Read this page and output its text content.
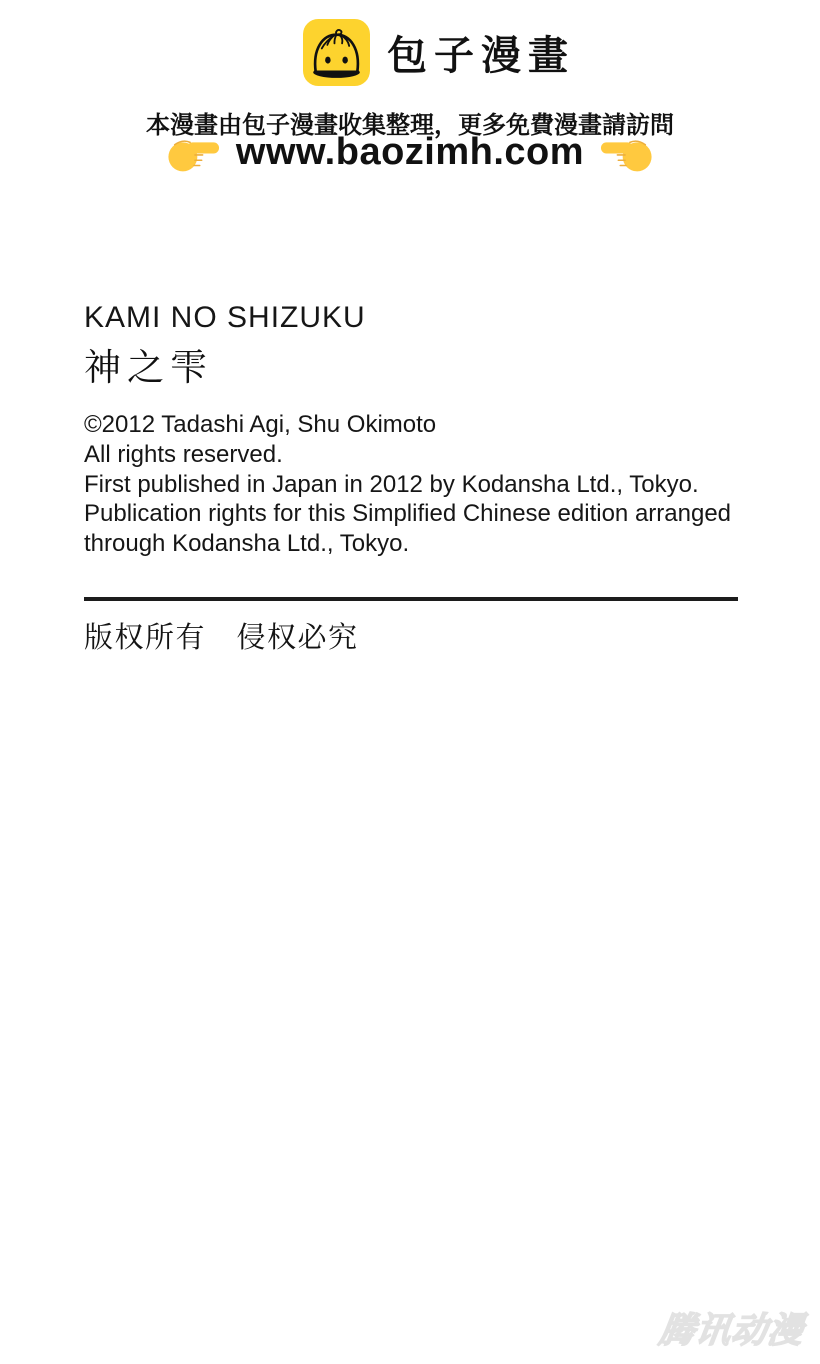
包子漫畫
本漫畫由包子漫畫收集整理，更多免費漫畫請訪問
www.baozimh.com
KAMI NO SHIZUKU
神之雫
©2012 Tadashi Agi, Shu Okimoto
All rights reserved.
First published in Japan in 2012 by Kodansha Ltd., Tokyo.
Publication rights for this Simplified Chinese edition arranged
through Kodansha Ltd., Tokyo.
版权所有　侵权必究
腾讯动漫
